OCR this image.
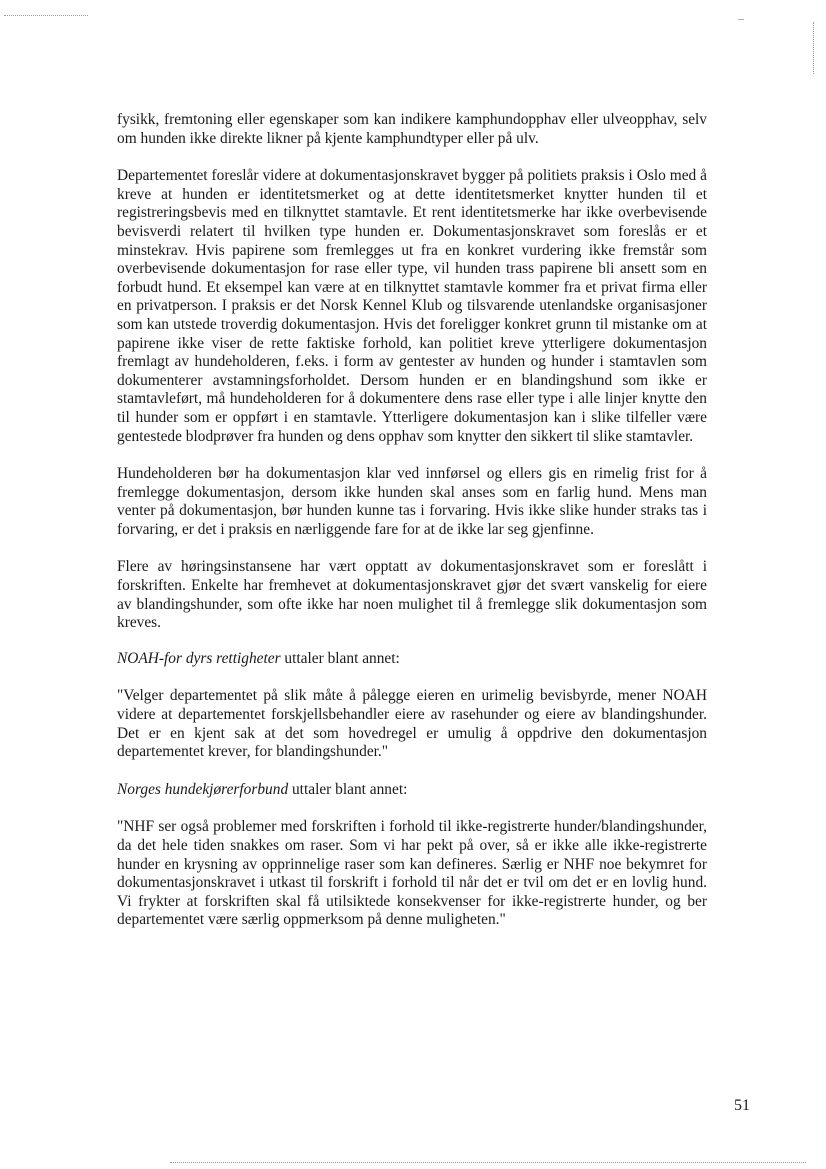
fysikk, fremtoning eller egenskaper som kan indikere kamphundopphav eller ulveopphav, selv om hunden ikke direkte likner på kjente kamphundtyper eller på ulv.

Departementet foreslår videre at dokumentasjonskravet bygger på politiets praksis i Oslo med å kreve at hunden er identitetsmerket og at dette identitetsmerket knytter hunden til et registreringsbevis med en tilknyttet stamtavle. Et rent identitetsmerke har ikke overbevisende bevisverdi relatert til hvilken type hunden er. Dokumentasjonskravet som foreslås er et minstekrav. Hvis papirene som fremlegges ut fra en konkret vurdering ikke fremstår som overbevisende dokumentasjon for rase eller type, vil hunden trass papirene bli ansett som en forbudt hund. Et eksempel kan være at en tilknyttet stamtavle kommer fra et privat firma eller en privatperson. I praksis er det Norsk Kennel Klub og tilsvarende utenlandske organisasjoner som kan utstede troverdig dokumentasjon. Hvis det foreligger konkret grunn til mistanke om at papirene ikke viser de rette faktiske forhold, kan politiet kreve ytterligere dokumentasjon fremlagt av hundeholderen, f.eks. i form av gentester av hunden og hunder i stamtavlen som dokumenterer avstamningsforholdet. Dersom hunden er en blandingshund som ikke er stamtavleført, må hundeholderen for å dokumentere dens rase eller type i alle linjer knytte den til hunder som er oppført i en stamtavle. Ytterligere dokumentasjon kan i slike tilfeller være gentestede blodprøver fra hunden og dens opphav som knytter den sikkert til slike stamtavler.

Hundeholderen bør ha dokumentasjon klar ved innførsel og ellers gis en rimelig frist for å fremlegge dokumentasjon, dersom ikke hunden skal anses som en farlig hund. Mens man venter på dokumentasjon, bør hunden kunne tas i forvaring. Hvis ikke slike hunder straks tas i forvaring, er det i praksis en nærliggende fare for at de ikke lar seg gjenfinne.

Flere av høringsinstansene har vært opptatt av dokumentasjonskravet som er foreslått i forskriften. Enkelte har fremhevet at dokumentasjonskravet gjør det svært vanskelig for eiere av blandingshunder, som ofte ikke har noen mulighet til å fremlegge slik dokumentasjon som kreves.

NOAH-for dyrs rettigheter uttaler blant annet:

"Velger departementet på slik måte å pålegge eieren en urimelig bevisbyrde, mener NOAH videre at departementet forskjellsbehandler eiere av rasehunder og eiere av blandingshunder. Det er en kjent sak at det som hovedregel er umulig å oppdrive den dokumentasjon departementet krever, for blandingshunder."

Norges hundekjørerforbund uttaler blant annet:

"NHF ser også problemer med forskriften i forhold til ikke-registrerte hunder/blandingshunder, da det hele tiden snakkes om raser. Som vi har pekt på over, så er ikke alle ikke-registrerte hunder en krysning av opprinnelige raser som kan defineres. Særlig er NHF noe bekymret for dokumentasjonskravet i utkast til forskrift i forhold til når det er tvil om det er en lovlig hund. Vi frykter at forskriften skal få utilsiktede konsekvenser for ikke-registrerte hunder, og ber departementet være særlig oppmerksom på denne muligheten."

51
